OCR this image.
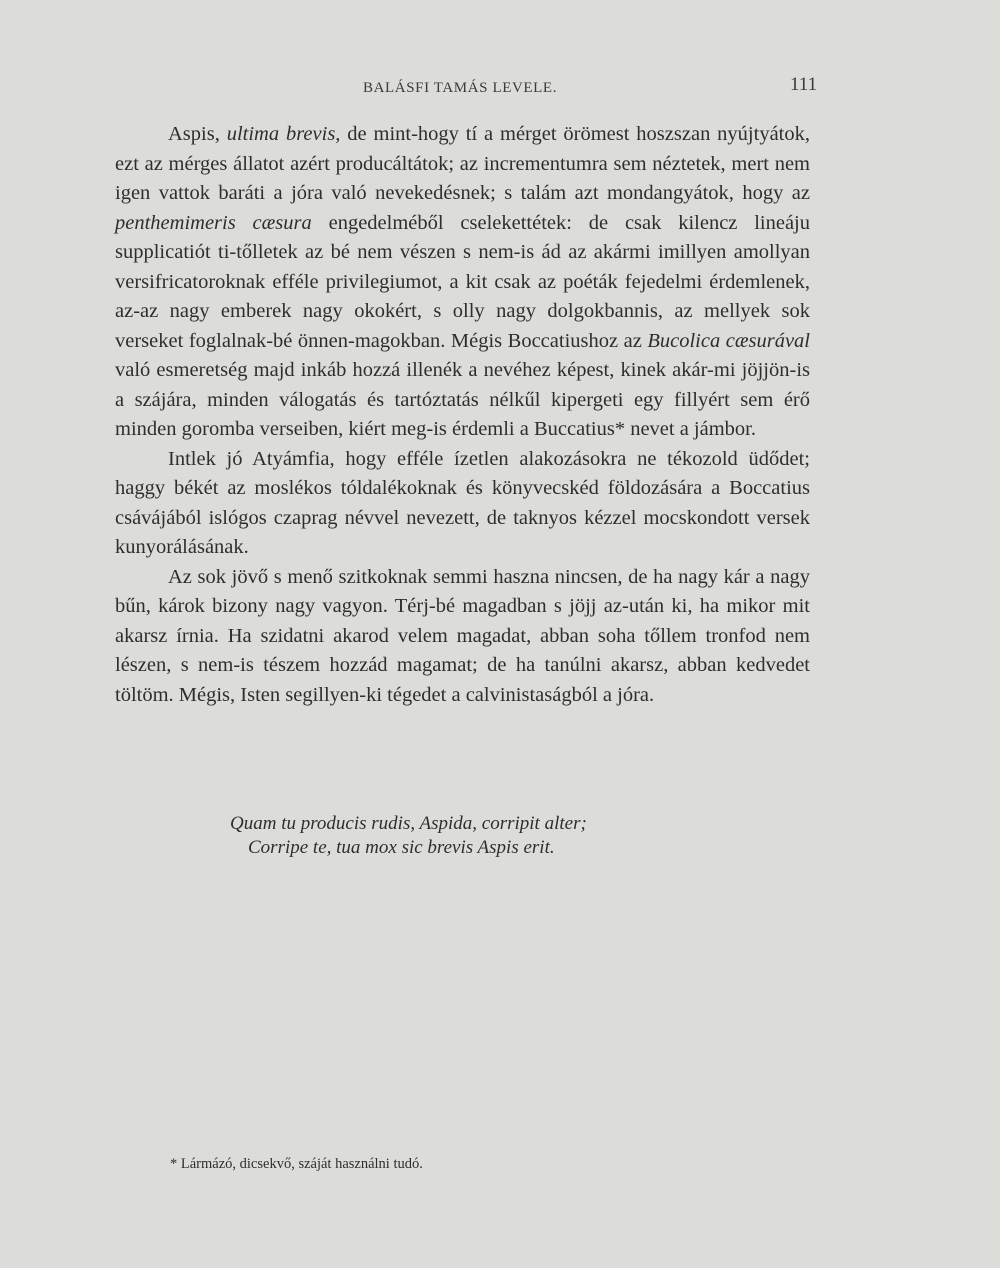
BALÁSFI TAMÁS LEVELE.	111

Aspis, ultima brevis, de mint-hogy tí a mérget örömest hoszszan nyújtyátok, ezt az mérges állatot azért producáltátok; az incrementumra sem néztetek, mert nem igen vattok baráti a jóra való nevekedésnek; s talám azt mondangyátok, hogy az penthemimeris cæsura engedelméből cselekettétek: de csak kilencz lineáju supplicatiót ti-tőlletek az bé nem vészen s nem-is ád az akármi imillyen amollyan versifricatoroknak efféle privilegiumot, a kit csak az poéták fejedelmi érdemlenek, az-az nagy emberek nagy okokért, s olly nagy dolgokbannis, az mellyek sok verseket foglalnak-bé önnen-magokban. Mégis Boccatiushoz az Bucolica cæsurával való esmeretség majd inkáb hozzá illenék a nevéhez képest, kinek akár-mi jöjjön-is a szájára, minden válogatás és tartóztatás nélkűl kipergeti egy fillyért sem érő minden goromba verseiben, kiért meg-is érdemli a Buccatius* nevet a jámbor.

Intlek jó Atyámfia, hogy efféle ízetlen alakozásokra ne tékozold üdődet; haggy békét az moslékos tóldalékoknak és könyvecskéd földozására a Boccatius csávájából islógos czaprag névvel nevezett, de taknyos kézzel mocskondott versek kunyorálásának.

Az sok jövő s menő szitkoknak semmi haszna nincsen, de ha nagy kár a nagy bűn, károk bizony nagy vagyon. Térj-bé magadban s jöjj az-után ki, ha mikor mit akarsz írnia. Ha szidatni akarod velem magadat, abban soha tőllem tronfod nem lészen, s nem-is tészem hozzád magamat; de ha tanúlni akarsz, abban kedvedet töltöm. Mégis, Isten segillyen-ki tégedet a calvinistaságból a jóra.

Quam tu producis rudis, Aspida, corripit alter;
Corripe te, tua mox sic brevis Aspis erit.
* Lármázó, dicsekvő, száját használni tudó.
